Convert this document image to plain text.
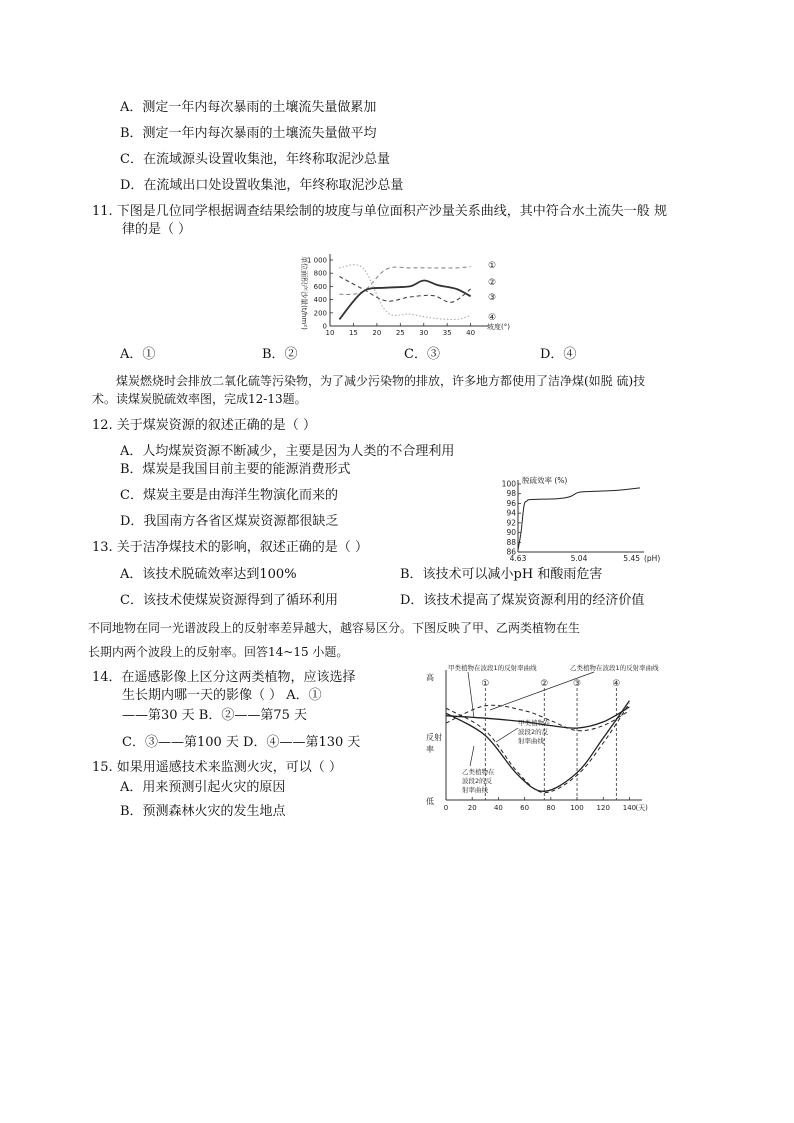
A．测定一年内每次暴雨的土壤流失量做累加
B．测定一年内每次暴雨的土壤流失量做平均
C．在流域源头设置收集池，年终称取泥沙总量
D．在流域出口处设置收集池，年终称取泥沙总量
11. 下图是几位同学根据调查结果绘制的坡度与单位面积产沙量关系曲线，其中符合水土流失一般 规
律的是（ ）
0
200
400
600
800
1 000
10 15 20 25 30 35 40
坡度(°)
单位面积产沙量(t/hm²)	①
②
③
④
A．①	B．②	C．③	D．④
煤炭燃烧时会排放二氧化硫等污染物，为了减少污染物的排放，许多地方都使用了洁净煤(如脱 硫)技
术。读煤炭脱硫效率图，完成12-13题。
12. 关于煤炭资源的叙述正确的是（ ）
A．人均煤炭资源不断减少，主要是因为人类的不合理利用
B．煤炭是我国目前主要的能源消费形式
C．煤炭主要是由海洋生物演化而来的
D．我国南方各省区煤炭资源都很缺乏
脱硫效率 (%)
86
88
90
92
94
96
98
100
4.63	5.04	5.45 (pH)
13. 关于洁净煤技术的影响，叙述正确的是（ ）
A．该技术脱硫效率达到100%	B．该技术可以减小pH 和酸雨危害
C．该技术使煤炭资源得到了循环利用	D．该技术提高了煤炭资源利用的经济价值
不同地物在同一光谱波段上的反射率差异越大，越容易区分。下图反映了甲、乙两类植物在生
长期内两个波段上的反射率。回答14~15 小题。
14．在遥感影像上区分这两类植物，应该选择
生长期内哪一天的影像（ ） A．①
——第30 天 B．②——第75 天
C．③——第100 天 D．④——第130 天
15. 如果用遥感技术来监测火灾，可以（ ）
A．用来预测引起火灾的原因
B．预测森林火灾的发生地点
高
反射
率
低
0	20 40 60 80 100 120 140 (天)
①	②	③	④
甲类植物在波段1的反射率曲线	乙类植物在波段1的反射率曲线
甲类植物在
波段2的反
射率曲线
乙类植物在
波段2的反
射率曲线
